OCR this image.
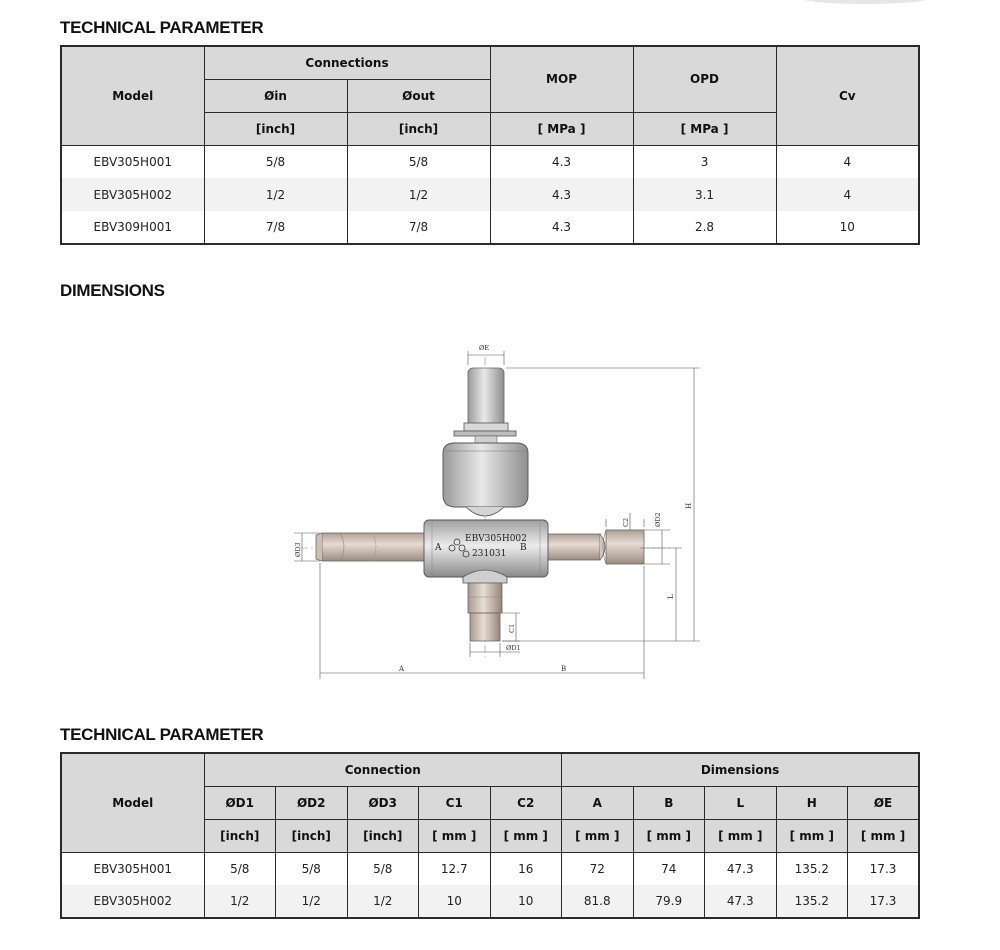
TECHNICAL PARAMETER
Model	Connections		MOP	OPD	Cv
	Øin	Øout			
	[inch]	[inch]	[ MPa ]	[ MPa ]	
EBV305H001	5/8	5/8	4.3	3	4
EBV305H002	1/2	1/2	4.3	3.1	4
EBV309H001	7/8	7/8	4.3	2.8	10
DIMENSIONS
A
EBV305H002
231031
B
ØE
H
L
ØD2
C2
ØD3
C1
ØD1
A	B
TECHNICAL PARAMETER
Model	Connection					Dimensions				
	ØD1	ØD2	ØD3	C1	C2	A	B	L	H	ØE
	[inch]	[inch]	[inch]	[ mm ]	[ mm ]	[ mm ]	[ mm ]	[ mm ]	[ mm ]	[ mm ]
EBV305H001	5/8	5/8	5/8	12.7	16	72	74	47.3	135.2	17.3
EBV305H002	1/2	1/2	1/2	10	10	81.8	79.9	47.3	135.2	17.3
